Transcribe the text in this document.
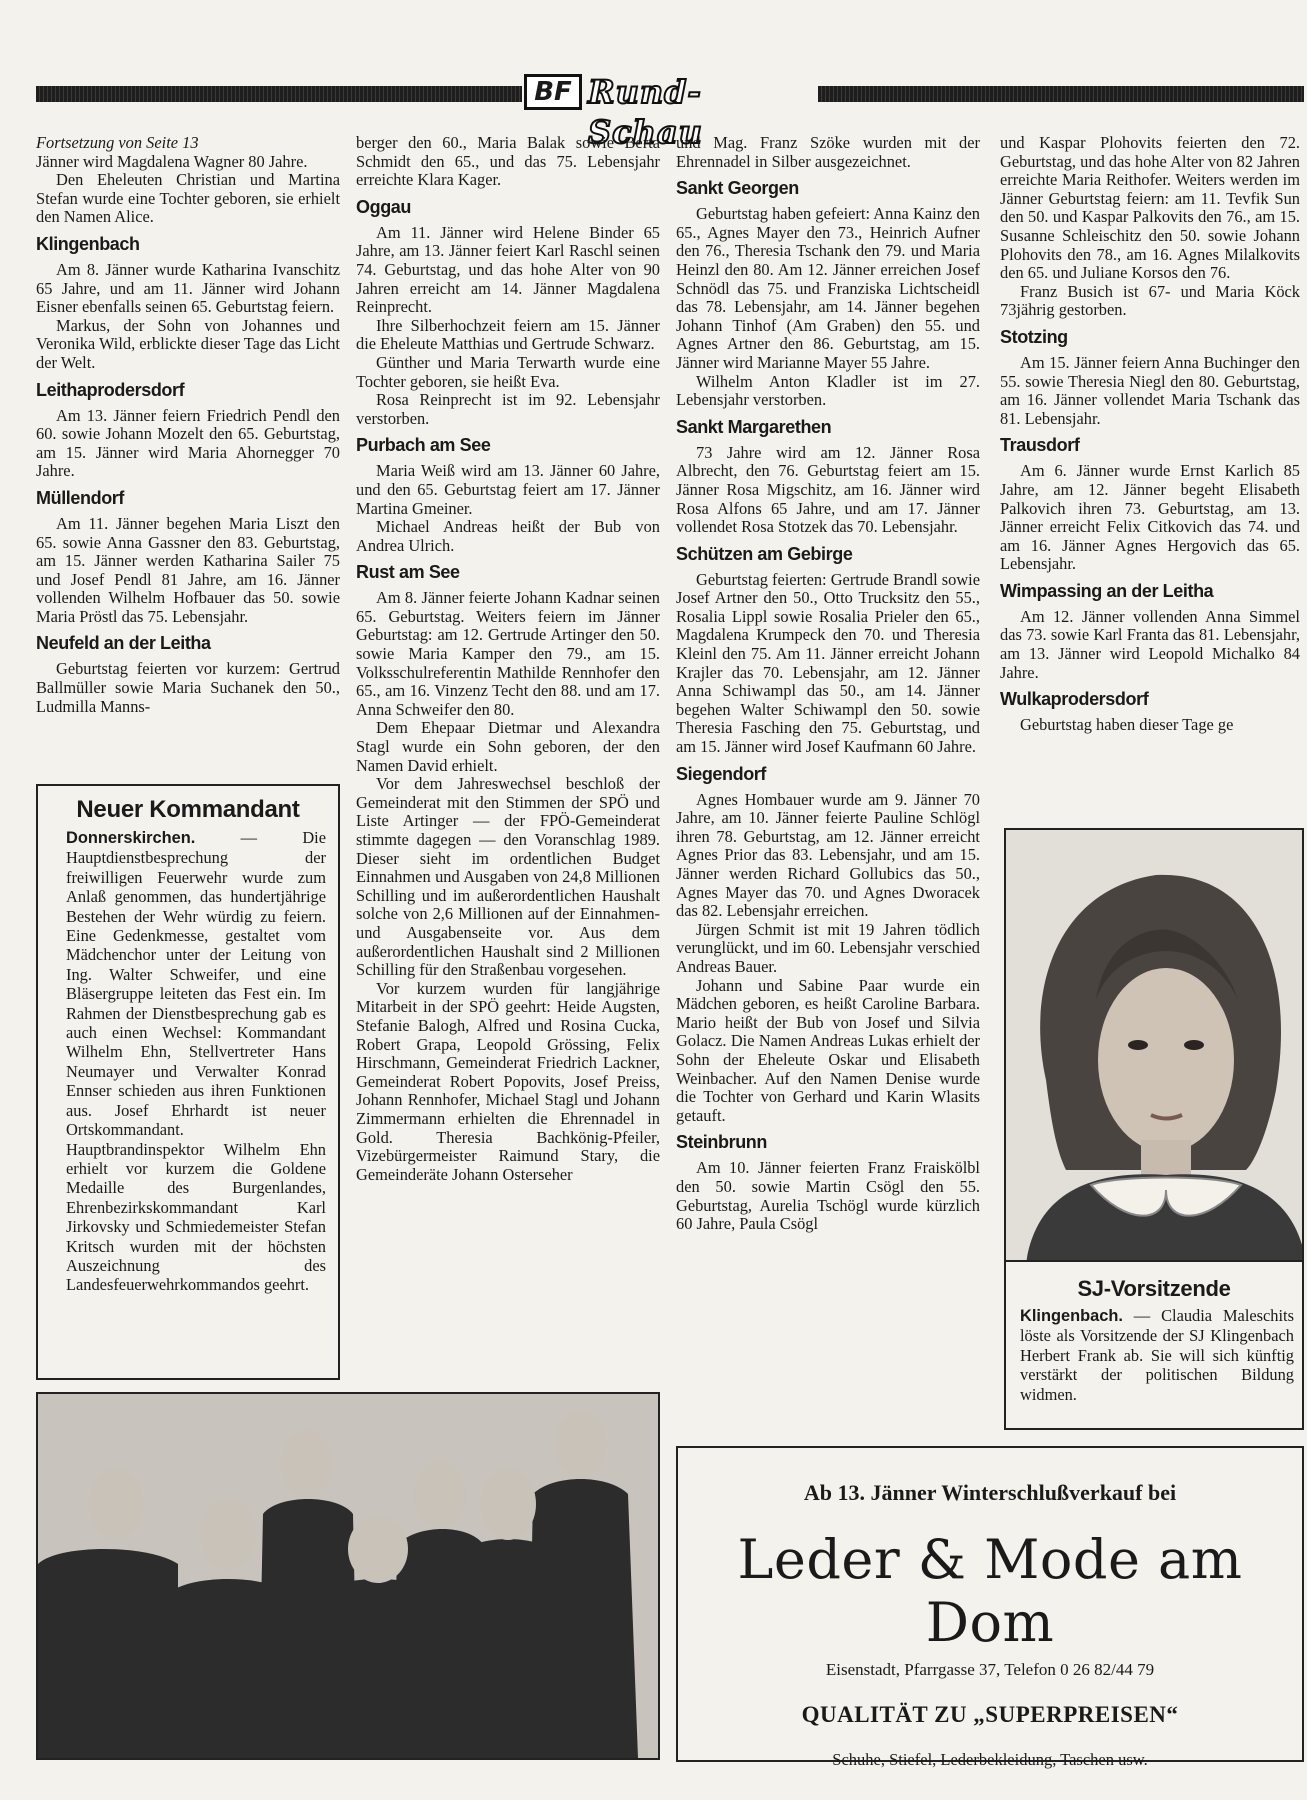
BF Rund-Schau

Fortsetzung von Seite 13

Jänner wird Magdalena Wagner 80 Jahre.

Den Eheleuten Christian und Martina Stefan wurde eine Tochter geboren, sie erhielt den Namen Alice.

Klingenbach

Am 8. Jänner wurde Katharina Ivanschitz 65 Jahre, und am 11. Jänner wird Johann Eisner ebenfalls seinen 65. Geburtstag feiern.

Markus, der Sohn von Johannes und Veronika Wild, erblickte dieser Tage das Licht der Welt.

Leithaprodersdorf

Am 13. Jänner feiern Friedrich Pendl den 60. sowie Johann Mozelt den 65. Geburtstag, am 15. Jänner wird Maria Ahornegger 70 Jahre.

Müllendorf

Am 11. Jänner begehen Maria Liszt den 65. sowie Anna Gassner den 83. Geburtstag, am 15. Jänner werden Katharina Sailer 75 und Josef Pendl 81 Jahre, am 16. Jänner vollenden Wilhelm Hofbauer das 50. sowie Maria Pröstl das 75. Lebensjahr.

Neufeld an der Leitha

Geburtstag feierten vor kurzem: Gertrud Ballmüller sowie Maria Suchanek den 50., Ludmilla Manns-

Neuer Kommandant
Donnerskirchen. — Die Hauptdienstbesprechung der freiwilligen Feuerwehr wurde zum Anlaß genommen, das hundertjährige Bestehen der Wehr würdig zu feiern. Eine Gedenkmesse, gestaltet vom Mädchenchor unter der Leitung von Ing. Walter Schweifer, und eine Bläsergruppe leiteten das Fest ein. Im Rahmen der Dienstbesprechung gab es auch einen Wechsel: Kommandant Wilhelm Ehn, Stellvertreter Hans Neumayer und Verwalter Konrad Ennser schieden aus ihren Funktionen aus. Josef Ehrhardt ist neuer Ortskommandant. Hauptbrandinspektor Wilhelm Ehn erhielt vor kurzem die Goldene Medaille des Burgenlandes, Ehrenbezirkskommandant Karl Jirkovsky und Schmiedemeister Stefan Kritsch wurden mit der höchsten Auszeichnung des Landesfeuerwehrkommandos geehrt.

berger den 60., Maria Balak sowie Berta Schmidt den 65., und das 75. Lebensjahr erreichte Klara Kager.

Oggau

Am 11. Jänner wird Helene Binder 65 Jahre, am 13. Jänner feiert Karl Raschl seinen 74. Geburtstag, und das hohe Alter von 90 Jahren erreicht am 14. Jänner Magdalena Reinprecht.

Ihre Silberhochzeit feiern am 15. Jänner die Eheleute Matthias und Gertrude Schwarz.

Günther und Maria Terwarth wurde eine Tochter geboren, sie heißt Eva.

Rosa Reinprecht ist im 92. Lebensjahr verstorben.

Purbach am See

Maria Weiß wird am 13. Jänner 60 Jahre, und den 65. Geburtstag feiert am 17. Jänner Martina Gmeiner.

Michael Andreas heißt der Bub von Andrea Ulrich.

Rust am See

Am 8. Jänner feierte Johann Kadnar seinen 65. Geburtstag. Weiters feiern im Jänner Geburtstag: am 12. Gertrude Artinger den 50. sowie Maria Kamper den 79., am 15. Volksschulreferentin Mathilde Rennhofer den 65., am 16. Vinzenz Techt den 88. und am 17. Anna Schweifer den 80.

Dem Ehepaar Dietmar und Alexandra Stagl wurde ein Sohn geboren, der den Namen David erhielt.

Vor dem Jahreswechsel beschloß der Gemeinderat mit den Stimmen der SPÖ und Liste Artinger — der FPÖ-Gemeinderat stimmte dagegen — den Voranschlag 1989. Dieser sieht im ordentlichen Budget Einnahmen und Ausgaben von 24,8 Millionen Schilling und im außerordentlichen Haushalt solche von 2,6 Millionen auf der Einnahmen- und Ausgabenseite vor. Aus dem außerordentlichen Haushalt sind 2 Millionen Schilling für den Straßenbau vorgesehen.

Vor kurzem wurden für langjährige Mitarbeit in der SPÖ geehrt: Heide Augsten, Stefanie Balogh, Alfred und Rosina Cucka, Robert Grapa, Leopold Grössing, Felix Hirschmann, Gemeinderat Friedrich Lackner, Gemeinderat Robert Popovits, Josef Preiss, Johann Rennhofer, Michael Stagl und Johann Zimmermann erhielten die Ehrennadel in Gold. Theresia Bachkönig-Pfeiler, Vizebürgermeister Raimund Stary, die Gemeinderäte Johann Osterseher

und Mag. Franz Szöke wurden mit der Ehrennadel in Silber ausgezeichnet.

Sankt Georgen

Geburtstag haben gefeiert: Anna Kainz den 65., Agnes Mayer den 73., Heinrich Aufner den 76., Theresia Tschank den 79. und Maria Heinzl den 80. Am 12. Jänner erreichen Josef Schnödl das 75. und Franziska Lichtscheidl das 78. Lebensjahr, am 14. Jänner begehen Johann Tinhof (Am Graben) den 55. und Agnes Artner den 86. Geburtstag, am 15. Jänner wird Marianne Mayer 55 Jahre.

Wilhelm Anton Kladler ist im 27. Lebensjahr verstorben.

Sankt Margarethen

73 Jahre wird am 12. Jänner Rosa Albrecht, den 76. Geburtstag feiert am 15. Jänner Rosa Migschitz, am 16. Jänner wird Rosa Alfons 65 Jahre, und am 17. Jänner vollendet Rosa Stotzek das 70. Lebensjahr.

Schützen am Gebirge

Geburtstag feierten: Gertrude Brandl sowie Josef Artner den 50., Otto Trucksitz den 55., Rosalia Lippl sowie Rosalia Prieler den 65., Magdalena Krumpeck den 70. und Theresia Kleinl den 75. Am 11. Jänner erreicht Johann Krajler das 70. Lebensjahr, am 12. Jänner Anna Schiwampl das 50., am 14. Jänner begehen Walter Schiwampl den 50. sowie Theresia Fasching den 75. Geburtstag, und am 15. Jänner wird Josef Kaufmann 60 Jahre.

Siegendorf

Agnes Hombauer wurde am 9. Jänner 70 Jahre, am 10. Jänner feierte Pauline Schlögl ihren 78. Geburtstag, am 12. Jänner erreicht Agnes Prior das 83. Lebensjahr, und am 15. Jänner werden Richard Gollubics das 50., Agnes Mayer das 70. und Agnes Dworacek das 82. Lebensjahr erreichen.

Jürgen Schmit ist mit 19 Jahren tödlich verunglückt, und im 60. Lebensjahr verschied Andreas Bauer.

Johann und Sabine Paar wurde ein Mädchen geboren, es heißt Caroline Barbara. Mario heißt der Bub von Josef und Silvia Golacz. Die Namen Andreas Lukas erhielt der Sohn der Eheleute Oskar und Elisabeth Weinbacher. Auf den Namen Denise wurde die Tochter von Gerhard und Karin Wlasits getauft.

Steinbrunn

Am 10. Jänner feierten Franz Fraiskölbl den 50. sowie Martin Csögl den 55. Geburtstag, Aurelia Tschögl wurde kürzlich 60 Jahre, Paula Csögl

und Kaspar Plohovits feierten den 72. Geburtstag, und das hohe Alter von 82 Jahren erreichte Maria Reithofer. Weiters werden im Jänner Geburtstag feiern: am 11. Tevfik Sun den 50. und Kaspar Palkovits den 76., am 15. Susanne Schleischitz den 50. sowie Johann Plohovits den 78., am 16. Agnes Milalkovits den 65. und Juliane Korsos den 76.

Franz Busich ist 67- und Maria Köck 73jährig gestorben.

Stotzing

Am 15. Jänner feiern Anna Buchinger den 55. sowie Theresia Niegl den 80. Geburtstag, am 16. Jänner vollendet Maria Tschank das 81. Lebensjahr.

Trausdorf

Am 6. Jänner wurde Ernst Karlich 85 Jahre, am 12. Jänner begeht Elisabeth Palkovich ihren 73. Geburtstag, am 13. Jänner erreicht Felix Citkovich das 74. und am 16. Jänner Agnes Hergovich das 65. Lebensjahr.

Wimpassing an der Leitha

Am 12. Jänner vollenden Anna Simmel das 73. sowie Karl Franta das 81. Lebensjahr, am 13. Jänner wird Leopold Michalko 84 Jahre.

Wulkaprodersdorf

Geburtstag haben dieser Tage ge

SJ-Vorsitzende
Klingenbach. — Claudia Maleschits löste als Vorsitzende der SJ Klingenbach Herbert Frank ab. Sie will sich künftig verstärkt der politischen Bildung widmen.
Ab 13. Jänner Winterschlußverkauf bei
Leder & Mode am Dom
Eisenstadt, Pfarrgasse 37, Telefon 0 26 82/44 79
QUALITÄT ZU „SUPERPREISEN“
Schuhe, Stiefel, Lederbekleidung, Taschen usw.
